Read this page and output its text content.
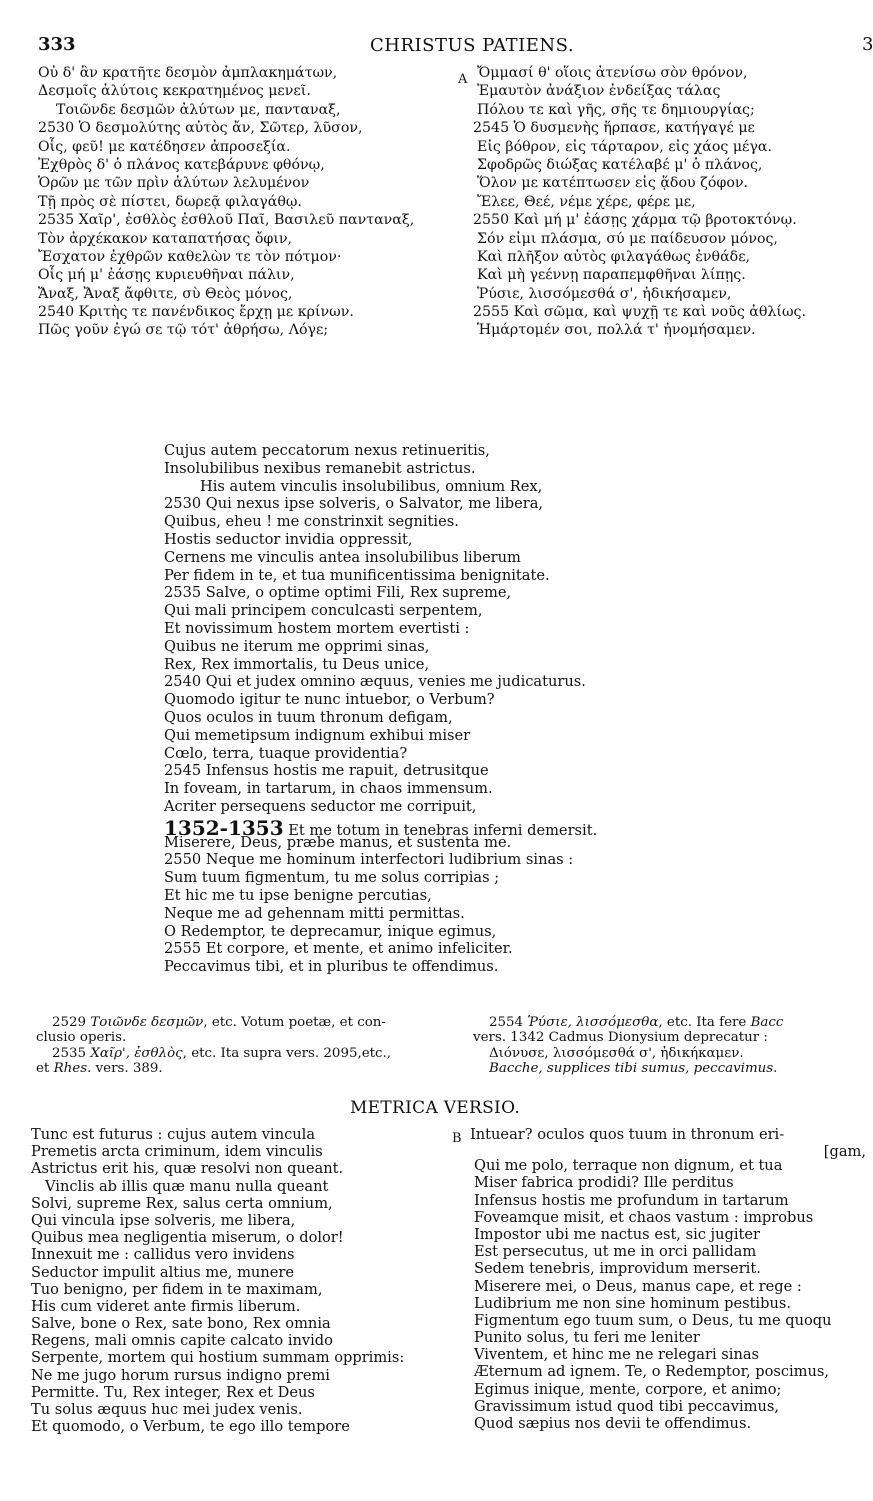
333	CHRISTUS PATIENS.	3
Οὐ δ' ἂν κρατῆτε δεσμὸν ἀμπλακημάτων,
Δεσμοῖς ἀλύτοις κεκρατημένος μενεῖ.
Τοιῶνδε δεσμῶν ἀλύτων με, πανταναξ,
2530 Ὁ δεσμολύτης αὐτὸς ἄν, Σῶτερ, λῦσον,
Οἷς, φεῦ! με κατέδησεν ἀπροσεξία.
Ἐχθρὸς δ' ὁ πλάνος κατεβάρυνε φθόνῳ,
Ὁρῶν με τῶν πρὶν ἀλύτων λελυμένον
Τῇ πρὸς σὲ πίστει, δωρεᾷ φιλαγάθῳ.
2535 Χαῖρ', ἐσθλὸς ἐσθλοῦ Παῖ, Βασιλεῦ πανταναξ,
Τὸν ἀρχέκακον καταπατήσας ὄφιν,
Ἔσχατον ἐχθρῶν καθελὼν τε τὸν πότμον·
Οἷς μή μ' ἐάσῃς κυριευθῆναι πάλιν,
Ἄναξ, Ἄναξ ἄφθιτε, σὺ Θεὸς μόνος,
2540 Κριτὴς τε πανένδικος ἔρχῃ με κρίνων.
Πῶς γοῦν ἐγώ σε τῷ τότ' ἀθρήσω, Λόγε;
A Ὄμμασί θ' οἵοις ἀτενίσω σὸν θρόνον,
Ἐμαυτὸν ἀνάξιον ἐνδείξας τάλας
Πόλου τε καὶ γῆς, σῆς τε δημιουργίας;
2545 Ὁ δυσμενὴς ἥρπασε, κατήγαγέ με
Εἰς βόθρον, εἰς τάρταρον, εἰς χάος μέγα.
Σφοδρῶς διώξας κατέλαβέ μ' ὁ πλάνος,
Ὅλον με κατέπτωσεν εἰς ᾅδου ζόφον.
Ἔλεε, Θεέ, νέμε χέρε, φέρε με,
2550 Καὶ μή μ' ἐάσῃς χάρμα τῷ βροτοκτόνῳ.
Σόν εἰμι πλάσμα, σύ με παίδευσον μόνος,
Καὶ πλῆξον αὐτὸς φιλαγάθως ἐνθάδε,
Καὶ μὴ γεέννῃ παραπεμφθῆναι λίπῃς.
Ῥύσιε, λισσόμεσθά σ', ἠδικήσαμεν,
2555 Καὶ σῶμα, καὶ ψυχῇ τε καὶ νοῦς ἀθλίως.
Ἡμάρτομέν σοι, πολλά τ' ἠνομήσαμεν.
Cujus autem peccatorum nexus retinueritis,
Insolubilibus nexibus remanebit astrictus.
His autem vinculis insolubilibus, omnium Rex,
2530 Qui nexus ipse solveris, o Salvator, me libera,
Quibus, eheu ! me constrinxit segnities.
Hostis seductor invidia oppressit,
Cernens me vinculis antea insolubilibus liberum
Per fidem in te, et tua munificentissima benignitate.
2535 Salve, o optime optimi Fili, Rex supreme,
Qui mali principem conculcasti serpentem,
Et novissimum hostem mortem evertisti :
Quibus ne iterum me opprimi sinas,
Rex, Rex immortalis, tu Deus unice,
2540 Qui et judex omnino æquus, venies me judicaturus.
Quomodo igitur te nunc intuebor, o Verbum?
Quos oculos in tuum thronum defigam,
Qui memetipsum indignum exhibui miser
Cœlo, terra, tuaque providentia?
2545 Infensus hostis me rapuit, detrusitque
In foveam, in tartarum, in chaos immensum.
Acriter persequens seductor me corripuit,
1352-1353 Et me totum in tenebras inferni demersit.
Miserere, Deus, præbe manus, et sustenta me.
2550 Neque me hominum interfectori ludibrium sinas :
Sum tuum figmentum, tu me solus corripias ;
Et hic me tu ipse benigne percutias,
Neque me ad gehennam mitti permittas.
O Redemptor, te deprecamur, inique egimus,
2555 Et corpore, et mente, et animo infeliciter.
Peccavimus tibi, et in pluribus te offendimus.
2529 Τοιῶνδε δεσμῶν, etc. Votum poetæ, et con-
clusio operis.
2535 Χαῖρ', ἐσθλὸς, etc. Ita supra vers. 2095,etc.,
et Rhes. vers. 389.
2554 Ῥύσιε, λισσόμεσθα, etc. Ita fere Bacc
vers. 1342 Cadmus Dionysium deprecatur :
Διόνυσε, λισσόμεσθά σ', ἠδικήκαμεν.
Bacche, supplices tibi sumus, peccavimus.
METRICA VERSIO.
Tunc est futurus : cujus autem vincula
Premetis arcta criminum, idem vinculis
Astrictus erit his, quæ resolvi non queant.
Vinclis ab illis quæ manu nulla queant
Solvi, supreme Rex, salus certa omnium,
Qui vincula ipse solveris, me libera,
Quibus mea negligentia miserum, o dolor!
Innexuit me : callidus vero invidens
Seductor impulit altius me, munere
Tuo benigno, per fidem in te maximam,
His cum videret ante firmis liberum.
Salve, bone o Rex, sate bono, Rex omnia
Regens, mali omnis capite calcato invido
Serpente, mortem qui hostium summam opprimis:
Ne me jugo horum rursus indigno premi
Permitte. Tu, Rex integer, Rex et Deus
Tu solus æquus huc mei judex venis.
Et quomodo, o Verbum, te ego illo tempore
B Intuear? oculos quos tuum in thronum eri-
[gam,
Qui me polo, terraque non dignum, et tua
Miser fabrica prodidi? Ille perditus
Infensus hostis me profundum in tartarum
Foveamque misit, et chaos vastum : improbus
Impostor ubi me nactus est, sic jugiter
Est persecutus, ut me in orci pallidam
Sedem tenebris, improvidum merserit.
Miserere mei, o Deus, manus cape, et rege :
Ludibrium me non sine hominum pestibus.
Figmentum ego tuum sum, o Deus, tu me quoqu
Punito solus, tu feri me leniter
Viventem, et hinc me ne relegari sinas
Æternum ad ignem. Te, o Redemptor, poscimus,
Egimus inique, mente, corpore, et animo;
Gravissimum istud quod tibi peccavimus,
Quod sæpius nos devii te offendimus.
